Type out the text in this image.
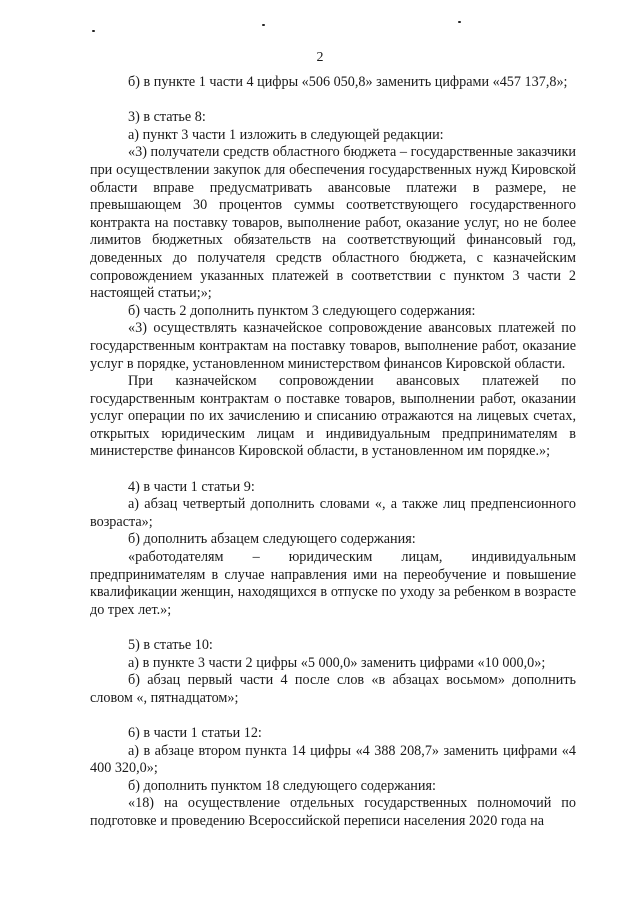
2

б) в пункте 1 части 4 цифры «506 050,8» заменить цифрами «457 137,8»;

3) в статье 8:

а) пункт 3 части 1 изложить в следующей редакции:

«3) получатели средств областного бюджета – государственные заказчики при осуществлении закупок для обеспечения государственных нужд Кировской области вправе предусматривать авансовые платежи в размере, не превышающем 30 процентов суммы соответствующего государственного контракта на поставку товаров, выполнение работ, оказание услуг, но не более лимитов бюджетных обязательств на соответствующий финансовый год, доведенных до получателя средств областного бюджета, с казначейским сопровождением указанных платежей в соответствии с пунктом 3 части 2 настоящей статьи;»;

б) часть 2 дополнить пунктом 3 следующего содержания:

«3) осуществлять казначейское сопровождение авансовых платежей по государственным контрактам на поставку товаров, выполнение работ, оказание услуг в порядке, установленном министерством финансов Кировской области.

При казначейском сопровождении авансовых платежей по государственным контрактам о поставке товаров, выполнении работ, оказании услуг операции по их зачислению и списанию отражаются на лицевых счетах, открытых юридическим лицам и индивидуальным предпринимателям в министерстве финансов Кировской области, в установленном им порядке.»;

4) в части 1 статьи 9:

а) абзац четвертый дополнить словами «, а также лиц предпенсионного возраста»;

б) дополнить абзацем следующего содержания:

«работодателям – юридическим лицам, индивидуальным предпринимателям в случае направления ими на переобучение и повышение квалификации женщин, находящихся в отпуске по уходу за ребенком в возрасте до трех лет.»;

5) в статье 10:

а) в пункте 3 части 2 цифры «5 000,0» заменить цифрами «10 000,0»;

б) абзац первый части 4 после слов «в абзацах восьмом» дополнить словом «, пятнадцатом»;

6) в части 1 статьи 12:

а) в абзаце втором пункта 14 цифры «4 388 208,7» заменить цифрами «4 400 320,0»;

б) дополнить пунктом 18 следующего содержания:

«18) на осуществление отдельных государственных полномочий по подготовке и проведению Всероссийской переписи населения 2020 года на
